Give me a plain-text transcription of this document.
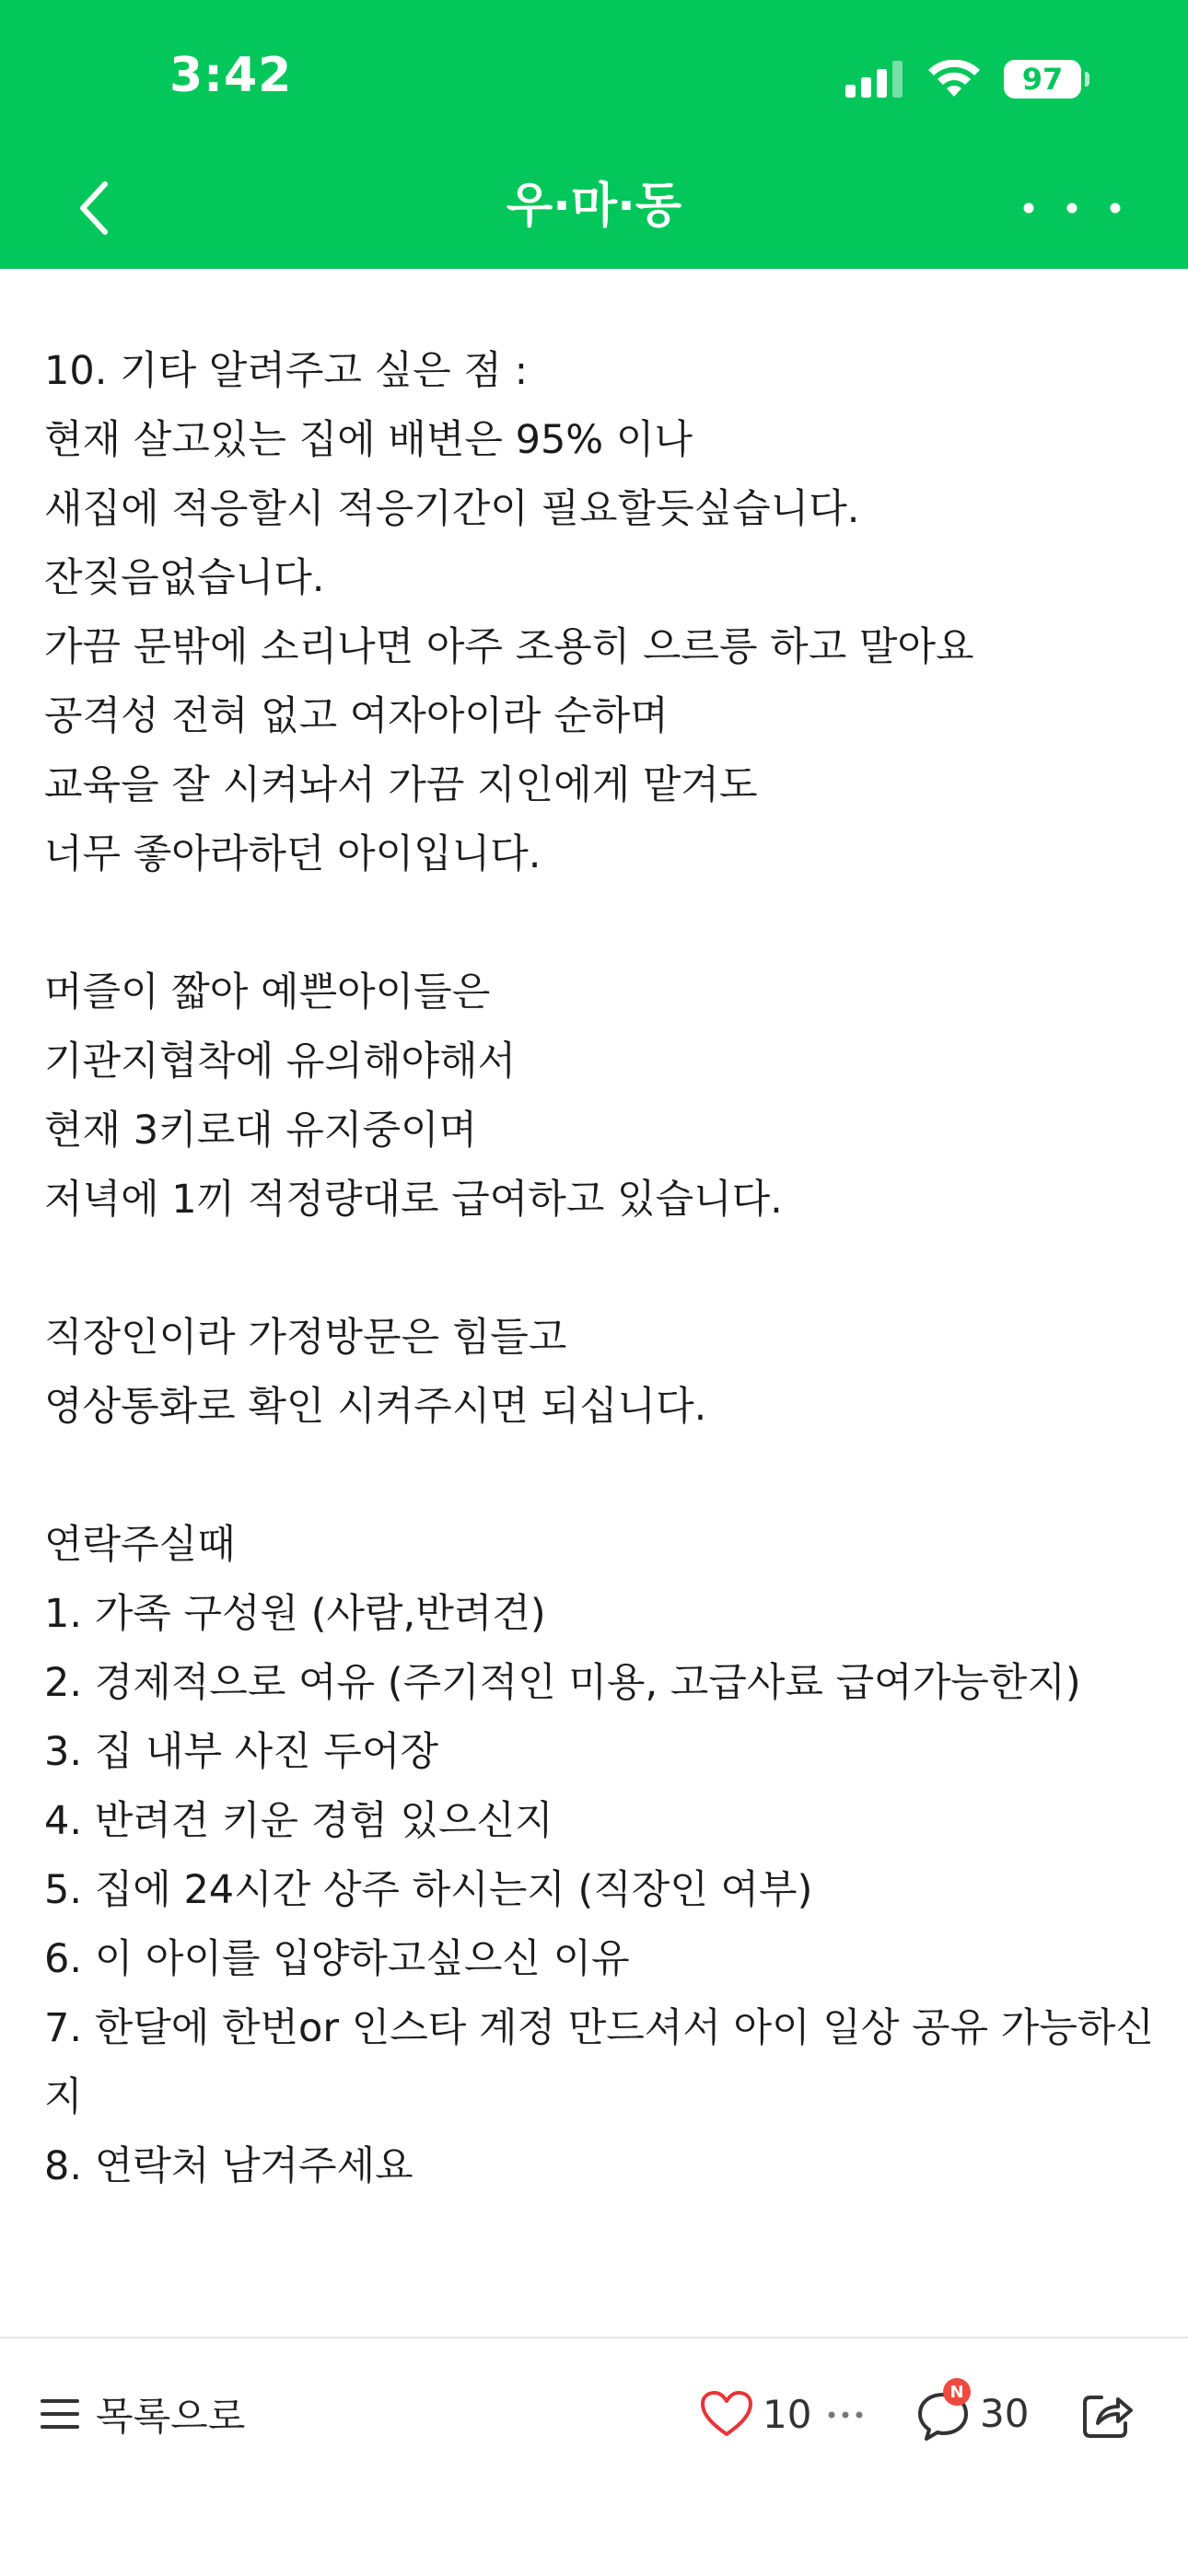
3:42	97
우·마·동
10. 기타 알려주고 싶은 점 :
현재 살고있는 집에 배변은 95% 이나
새집에 적응할시 적응기간이 필요할듯싶습니다.
잔짖음없습니다.
가끔 문밖에 소리나면 아주 조용히 으르릉 하고 말아요
공격성 전혀 없고 여자아이라 순하며
교육을 잘 시켜놔서 가끔 지인에게 맡겨도
너무 좋아라하던 아이입니다.
머즐이 짧아 예쁜아이들은
기관지협착에 유의해야해서
현재 3키로대 유지중이며
저녁에 1끼 적정량대로 급여하고 있습니다.
직장인이라 가정방문은 힘들고
영상통화로 확인 시켜주시면 되십니다.
연락주실때
1. 가족 구성원 (사람,반려견)
2. 경제적으로 여유 (주기적인 미용, 고급사료 급여가능한지)
3. 집 내부 사진 두어장
4. 반려견 키운 경험 있으신지
5. 집에 24시간 상주 하시는지 (직장인 여부)
6. 이 아이를 입양하고싶으신 이유
7. 한달에 한번or 인스타 계정 만드셔서 아이 일상 공유 가능하신
지
8. 연락처 남겨주세요
목록으로	10	N 30
